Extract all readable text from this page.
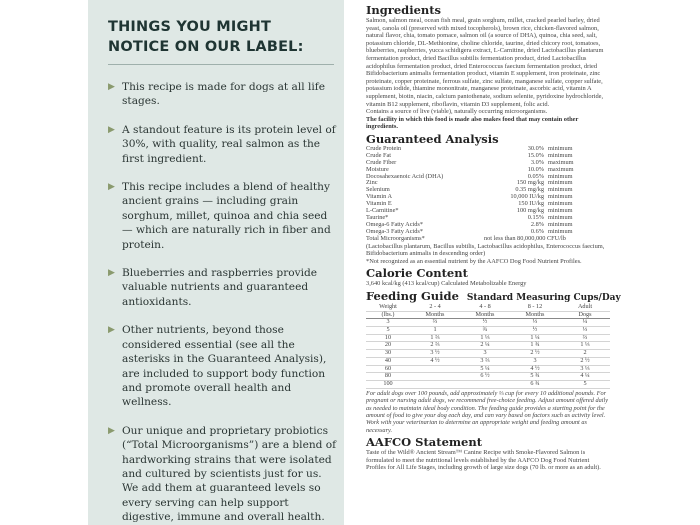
THINGS YOU MIGHT
NOTICE ON OUR LABEL:
▶ This recipe is made for dogs at all life stages.
▶ A standout feature is its protein level of 30%, with quality, real salmon as the first ingredient.
▶ This recipe includes a blend of healthy ancient grains — including grain sorghum, millet, quinoa and chia seed — which are naturally rich in fiber and protein.
▶ Blueberries and raspberries provide valuable nutrients and guaranteed antioxidants.
▶ Other nutrients, beyond those considered essential (see all the asterisks in the Guaranteed Analysis), are included to support body function and promote overall health and wellness.
▶ Our unique and proprietary probiotics (“Total Microorganisms”) are a blend of hardworking strains that were isolated and cultured by scientists just for us. We add them at guaranteed levels so every serving can help support digestive, immune and overall health.
Ingredients

Salmon, salmon meal, ocean fish meal, grain sorghum, millet, cracked pearled barley, dried yeast, canola oil (preserved with mixed tocopherols), brown rice, chicken-flavored salmon, natural flavor, chia, tomato pomace, salmon oil (a source of DHA), quinoa, chia seed, salt, potassium chloride, DL-Methionine, choline chloride, taurine, dried chicory root, tomatoes, blueberries, raspberries, yucca schidigera extract, L-Carnitine, dried Lactobacillus plantarum fermentation product, dried Bacillus subtilis fermentation product, dried Lactobacillus acidophilus fermentation product, dried Enterococcus faecium fermentation product, dried Bifidobacterium animalis fermentation product, vitamin E supplement, iron proteinate, zinc proteinate, copper proteinate, ferrous sulfate, zinc sulfate, manganese sulfate, copper sulfate, potassium iodide, thiamine mononitrate, manganese proteinate, ascorbic acid, vitamin A supplement, biotin, niacin, calcium pantothenate, sodium selenite, pyridoxine hydrochloride, vitamin B12 supplement, riboflavin, vitamin D3 supplement, folic acid.

Contains a source of live (viable), naturally occurring microorganisms.

The facility in which this food is made also makes food that may contain other ingredients.

Guaranteed Analysis
Crude Protein	30.0%	minimum
Crude Fat	15.0%	minimum
Crude Fiber	3.0%	maximum
Moisture	10.0%	maximum
Docosahexaenoic Acid (DHA)	0.05%	minimum
Zinc	150 mg/kg	minimum
Selenium	0.35 mg/kg	minimum
Vitamin A	10,000 IU/kg	minimum
Vitamin E	150 IU/kg	minimum
L-Carnitine*	100 mg/kg	minimum
Taurine*	0.15%	minimum
Omega-6 Fatty Acids*	2.8%	minimum
Omega-3 Fatty Acids*	0.6%	minimum
Total Microorganisms*	not less than 80,000,000 CFU/lb	

(Lactobacillus plantarum, Bacillus subtilis, Lactobacillus acidophilus, Enterococcus faecium, Bifidobacterium animalis in descending order)

*Not recognized as an essential nutrient by the AAFCO Dog Food Nutrient Profiles.

Calorie Content

3,640 kcal/kg (413 kcal/cup) Calculated Metabolizable Energy

Feeding Guide Standard Measuring Cups/Day
Weight	2 - 4	4 - 8	8 - 12	Adult
(lbs.)	Months	Months	Months	Dogs
3	⅔	½	⅓	¼
5	1	¾	½	⅓
10	1 ⅔	1 ⅓	1 ¼	⅔
20	2 ⅔	2 ¼	1 ¾	1 ⅓
30	3 ½	3	2 ½	2
40	4 ½	3 ⅔	3	2 ½
60		5 ¼	4 ½	3 ⅓
80		6 ½	5 ¾	4 ¼
100			6 ¾	5

For adult dogs over 100 pounds, add approximately ⅓ cup for every 10 additional pounds. For pregnant or nursing adult dogs, we recommend free-choice feeding. Adjust amount offered daily as needed to maintain ideal body condition. The feeding guide provides a starting point for the amount of food to give your dog each day, and can vary based on factors such as activity level. Work with your veterinarian to determine an appropriate weight and feeding amount as necessary.

AAFCO Statement

Taste of the Wild® Ancient Stream™ Canine Recipe with Smoke-Flavored Salmon is formulated to meet the nutritional levels established by the AAFCO Dog Food Nutrient Profiles for All Life Stages, including growth of large size dogs (70 lb. or more as an adult).
